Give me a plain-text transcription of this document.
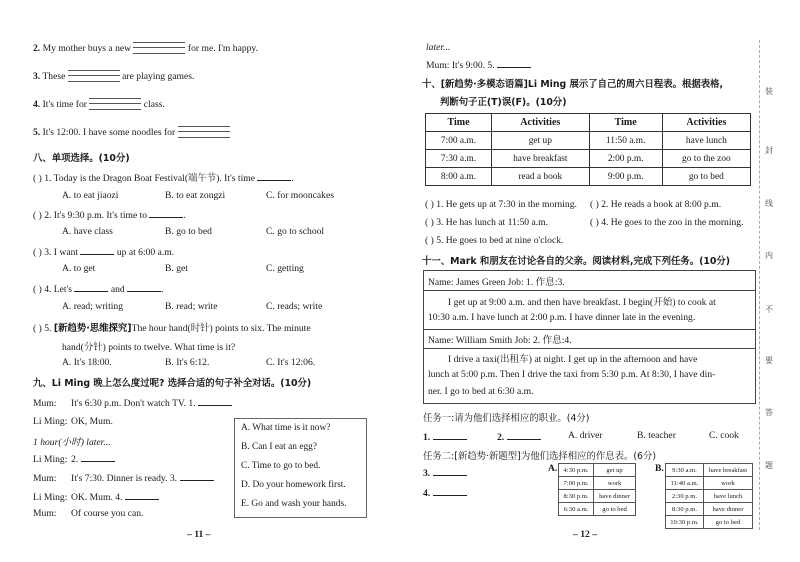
2. My mother buys a new	for me. I'm happy.
3. These	are playing games.
4. It's time for	class.
5. It's 12:00. I have some noodles for
八、单项选择。(10分)
( ) 1. Today is the Dragon Boat Festival(端午节). It's time	.
A. to eat jiaozi	B. to eat zongzi	C. for mooncakes
( ) 2. It's 9:30 p.m. It's time to	.
A. have class	B. go to bed	C. go to school
( ) 3. I want	up at 6:00 a.m.
A. to get	B. get	C. getting
( ) 4. Let's	and	.
A. read; writing	B. read; write	C. reads; write
( ) 5. [新趋势·思维探究]The hour hand(时针) points to six. The minute
hand(分针) points to twelve. What time is it?
A. It's 18:00.	B. It's 6:12.	C. It's 12:06.
九、Li Ming 晚上怎么度过呢? 选择合适的句子补全对话。(10分)
Mum: It's 6:30 p.m. Don't watch TV. 1.
Li Ming: OK, Mum.
1 hour(小时) later...
Li Ming: 2.
Mum: It's 7:30. Dinner is ready. 3.
Li Ming: OK. Mum. 4.
Mum: Of course you can.
A. What time is it now?
B. Can I eat an egg?
C. Time to go to bed.
D. Do your homework first.
E. Go and wash your hands.
– 11 –
later...
Mum: It's 9:00. 5.
十、[新趋势·多模态语篇]Li Ming 展示了自己的周六日程表。根据表格,
判断句子正(T)误(F)。(10分)
Time	Activities	Time	Activities
7:00 a.m.	get up	11:50 a.m.	have lunch
7:30 a.m.	have breakfast	2:00 p.m.	go to the zoo
8:00 a.m.	read a book	9:00 p.m.	go to bed
( ) 1. He gets up at 7:30 in the morning. ( ) 2. He reads a book at 8:00 p.m.
( ) 3. He has lunch at 11:50 a.m.	( ) 4. He goes to the zoo in the morning.
( ) 5. He goes to bed at nine o'clock.
十一、Mark 和朋友在讨论各自的父亲。阅读材料,完成下列任务。(10分)
Name: James Green Job: 1. 作息:3.
I get up at 9:00 a.m. and then have breakfast. I begin(开始) to cook at
10:30 a.m. I have lunch at 2:00 p.m. I have dinner late in the evening.
Name: William Smith Job: 2. 作息:4.
I drive a taxi(出租车) at night. I get up in the afternoon and have
lunch at 5:00 p.m. Then I drive the taxi from 5:30 p.m. At 8:30, I have din-
ner. I go to bed at 6:30 a.m.
任务一:请为他们选择相应的职业。(4分)
1.	2.	A. driver	B. teacher	C. cook
任务二:[新趋势·新题型]为他们选择相应的作息表。(6分)
3.
4.
A. 4:30 p.m.	get up
7:00 p.m.	work
8:30 p.m.	have dinner
6:30 a.m.	go to bed
B. 9:30 a.m.	have breakfast
11:40 a.m.	work
2:30 p.m.	have lunch
8:30 p.m.	have dinner
10:30 p.m.	go to bed
– 12 –
装
封
线
内
不
要
答
题
